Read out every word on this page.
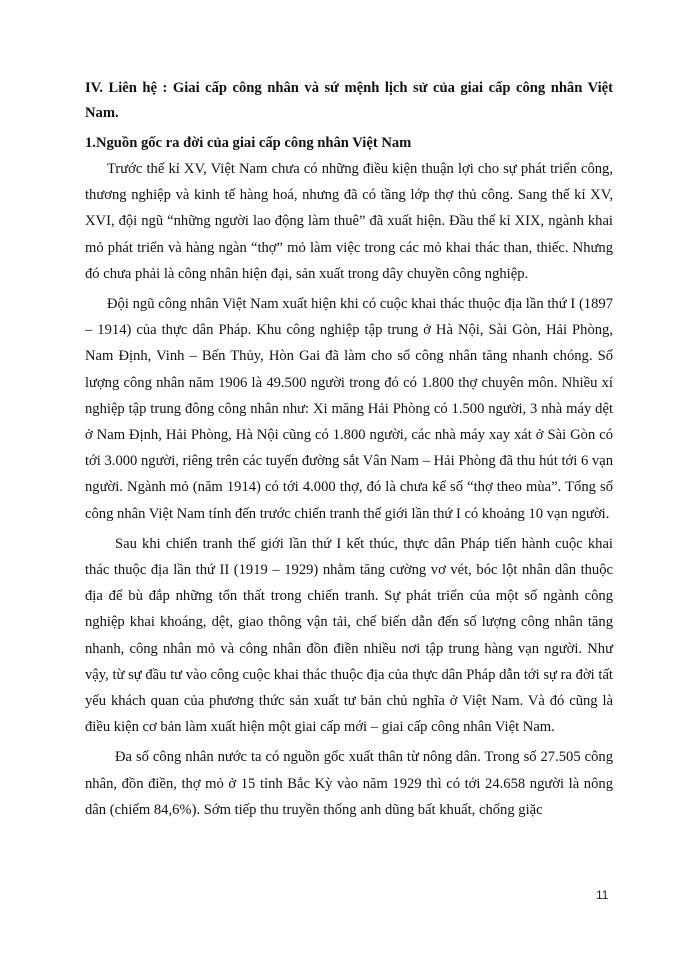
IV. Liên hệ : Giai cấp công nhân và sứ mệnh lịch sử của giai cấp công nhân Việt Nam.

1.Nguồn gốc ra đời của giai cấp công nhân Việt Nam

Trước thế kỉ XV, Việt Nam chưa có những điều kiện thuận lợi cho sự phát triển công, thương nghiệp và kinh tế hàng hoá, nhưng đã có tầng lớp thợ thủ công. Sang thế kỉ XV, XVI, đội ngũ “những người lao động làm thuê” đã xuất hiện. Đầu thế kỉ XIX, ngành khai mỏ phát triển và hàng ngàn “thợ” mỏ làm việc trong các mỏ khai thác than, thiếc. Nhưng đó chưa phải là công nhân hiện đại, sản xuất trong dây chuyền công nghiệp.

Đội ngũ công nhân Việt Nam xuất hiện khi có cuộc khai thác thuộc địa lần thứ I (1897 – 1914) của thực dân Pháp. Khu công nghiệp tập trung ở Hà Nội, Sài Gòn, Hải Phòng, Nam Định, Vinh – Bến Thủy, Hòn Gai đã làm cho số công nhân tăng nhanh chóng. Số lượng công nhân năm 1906 là 49.500 người trong đó có 1.800 thợ chuyên môn. Nhiều xí nghiệp tập trung đông công nhân như: Xi măng Hải Phòng có 1.500 người, 3 nhà máy dệt ở Nam Định, Hải Phòng, Hà Nội cũng có 1.800 người, các nhà máy xay xát ở Sài Gòn có tới 3.000 người, riêng trên các tuyến đường sắt Vân Nam – Hải Phòng đã thu hút tới 6 vạn người. Ngành mỏ (năm 1914) có tới 4.000 thợ, đó là chưa kể số “thợ theo mùa”. Tổng số công nhân Việt Nam tính đến trước chiến tranh thế giới lần thứ I có khoảng 10 vạn người.

Sau khi chiến tranh thế giới lần thứ I kết thúc, thực dân Pháp tiến hành cuộc khai thác thuộc địa lần thứ II (1919 – 1929) nhằm tăng cường vơ vét, bóc lột nhân dân thuộc địa để bù đắp những tổn thất trong chiến tranh. Sự phát triển của một số ngành công nghiệp khai khoáng, dệt, giao thông vận tải, chế biến dẫn đến số lượng công nhân tăng nhanh, công nhân mỏ và công nhân đồn điền nhiều nơi tập trung hàng vạn người. Như vậy, từ sự đầu tư vào công cuộc khai thác thuộc địa của thực dân Pháp dẫn tới sự ra đời tất yếu khách quan của phương thức sản xuất tư bản chủ nghĩa ở Việt Nam. Và đó cũng là điều kiện cơ bản làm xuất hiện một giai cấp mới – giai cấp công nhân Việt Nam.

Đa số công nhân nước ta có nguồn gốc xuất thân từ nông dân. Trong số 27.505 công nhân, đồn điền, thợ mỏ ở 15 tỉnh Bắc Kỳ vào năm 1929 thì có tới 24.658 người là nông dân (chiếm 84,6%). Sớm tiếp thu truyền thống anh dũng bất khuất, chống giặc

11
